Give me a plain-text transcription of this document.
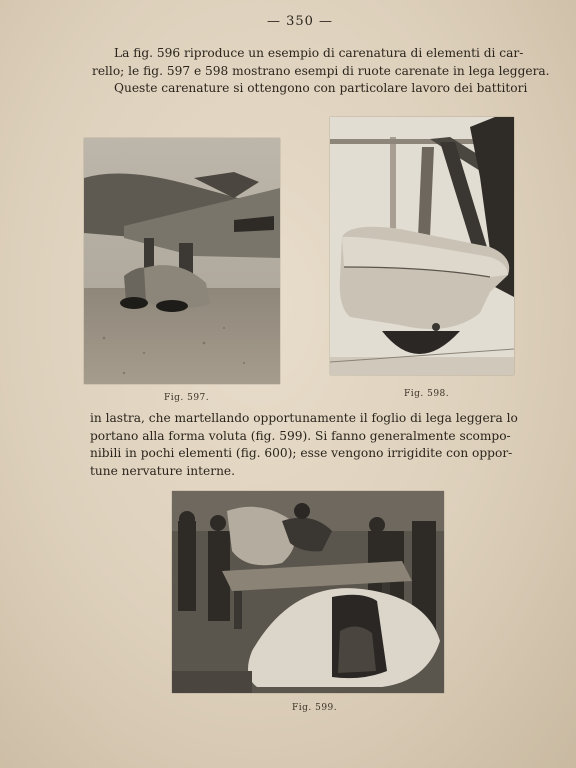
— 350 —
La fig. 596 riproduce un esempio di carenatura di elementi di car-
rello; le fig. 597 e 598 mostrano esempi di ruote carenate in lega leggera.
Queste carenature si ottengono con particolare lavoro dei battitori
Fig. 597.	Fig. 598.
in lastra, che martellando opportunamente il foglio di lega leggera lo
portano alla forma voluta (fig. 599). Si fanno generalmente scompo-
nibili in pochi elementi (fig. 600); esse vengono irrigidite con oppor-
tune nervature interne.
Fig. 599.
